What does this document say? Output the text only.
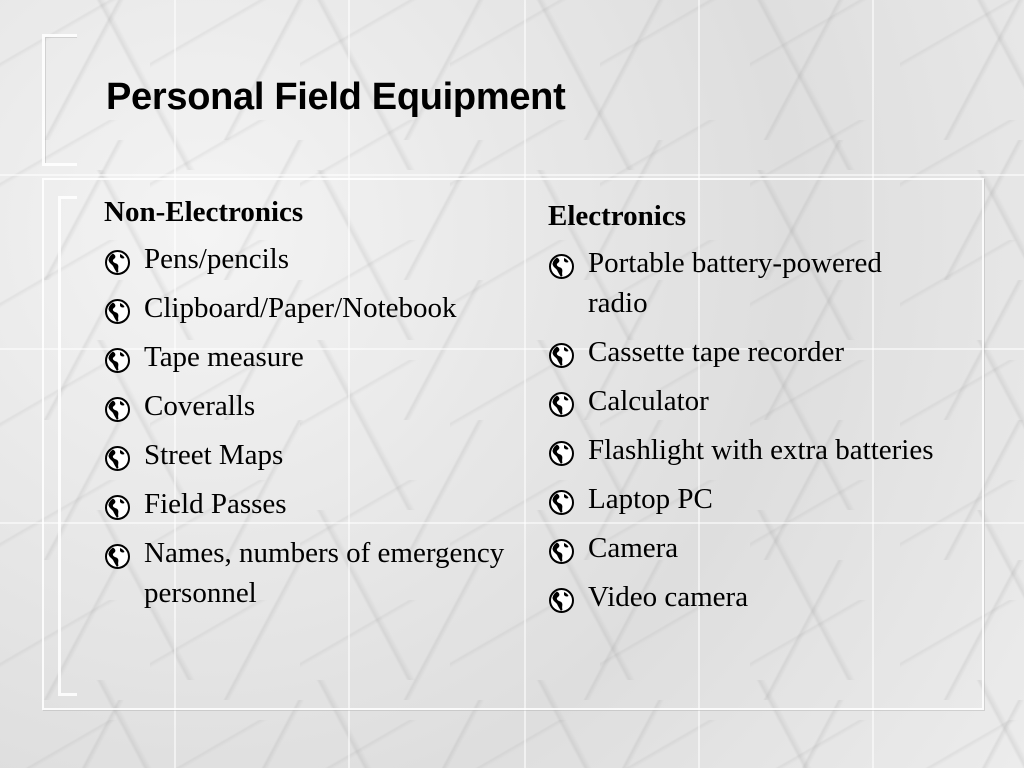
Personal Field Equipment
Non-Electronics
Pens/pencils
Clipboard/Paper/Notebook
Tape measure
Coveralls
Street Maps
Field Passes
Names, numbers of emergency personnel
Electronics
Portable battery-powered radio
Cassette tape recorder
Calculator
Flashlight with extra batteries
Laptop PC
Camera
Video camera
